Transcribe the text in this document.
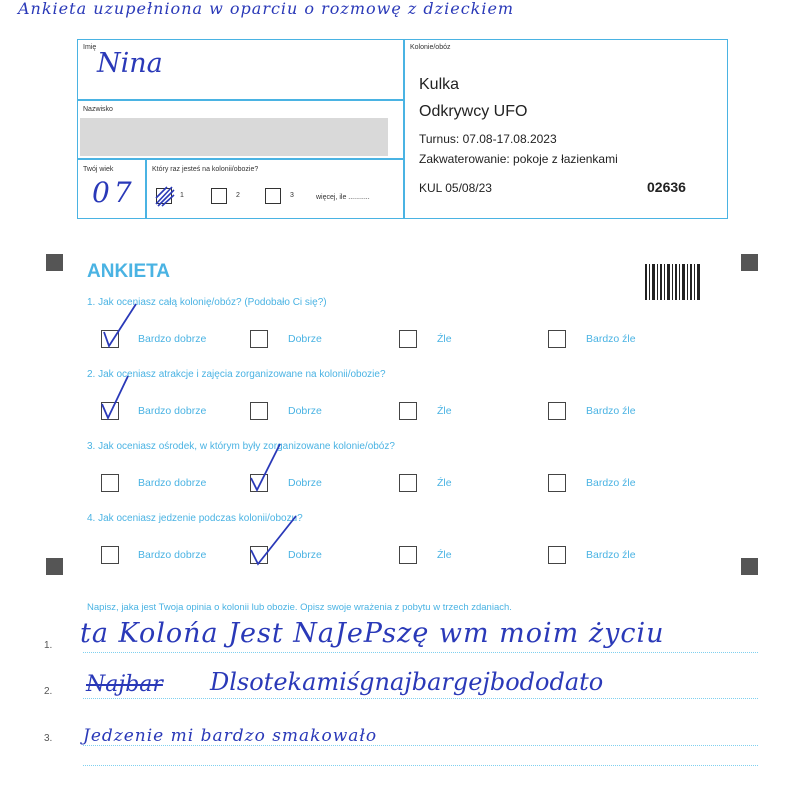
Ankieta uzupełniona w oparciu o rozmowę z dzieckiem
Imię
Nina
Nazwisko
Twój wiek
07
Który raz jesteś na kolonii/obozie?
1	2	3	więcej, ile ...........
Kolonie/obóz
Kulka
Odkrywcy UFO
Turnus: 07.08-17.08.2023
Zakwaterowanie: pokoje z łazienkami
KUL 05/08/23	02636
ANKIETA
1. Jak oceniasz całą kolonię/obóz? (Podobało Ci się?)
Bardzo dobrze	Dobrze	Źle	Bardzo źle
2. Jak oceniasz atrakcje i zajęcia zorganizowane na kolonii/obozie?
Bardzo dobrze	Dobrze	Źle	Bardzo źle
3. Jak oceniasz ośrodek, w którym były zorganizowane kolonie/obóz?
Bardzo dobrze	Dobrze	Źle	Bardzo źle
4. Jak oceniasz jedzenie podczas kolonii/obozu?
Bardzo dobrze	Dobrze	Źle	Bardzo źle
Napisz, jaka jest Twoja opinia o kolonii lub obozie. Opisz swoje wrażenia z pobytu w trzech zdaniach.
1. ta Kolońa Jest NaJePszę wm moim życiu
2. Najbar Dlsotekamiśgnajbargejbododato
3. Jedzenie mi bardzo smakowało
